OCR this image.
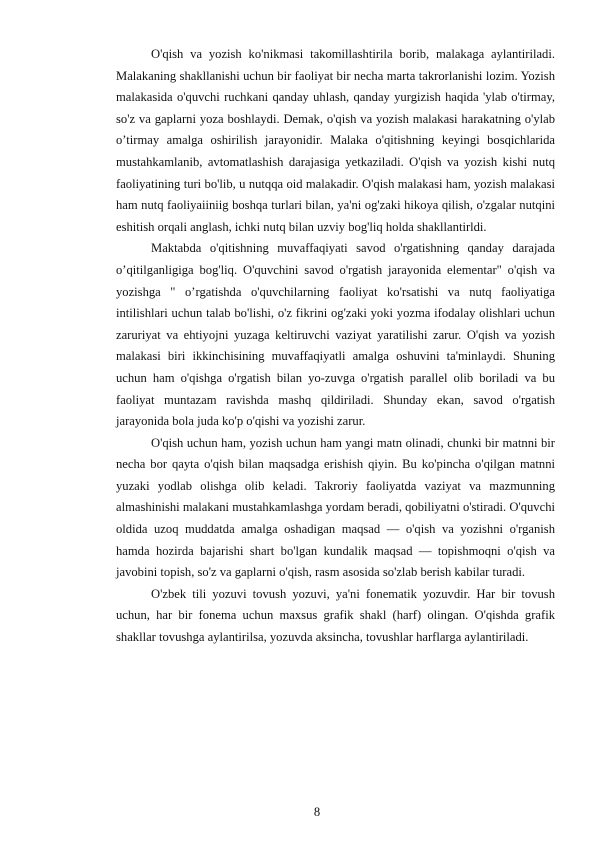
O'qish va yozish ko'nikmasi takomillashtirila borib, malakaga aylantiriladi. Malakaning shakllanishi uchun bir faoliyat bir necha marta takrorlanishi lozim. Yozish malakasida o'quvchi ruchkani qanday uhlash, qanday yurgizish haqida 'ylab o'tirmay, so'z va gaplarni yoza boshlaydi. Demak, o'qish va yozish malakasi harakatning o'ylab o’tirmay amalga oshirilish jarayonidir. Malaka o'qitishning keyingi bosqichlarida mustahkamlanib, avtomatlashish darajasiga yetkaziladi. O'qish va yozish kishi nutq faoliyatining turi bo'lib, u nutqqa oid malakadir. O'qish malakasi ham, yozish malakasi ham nutq faoliyaiiniig boshqa turlari bilan, ya'ni og'zaki hikoya qilish, o'zgalar nutqini eshitish orqali anglash, ichki nutq bilan uzviy bog'liq holda shakllantirldi.

Maktabda o'qitishning muvaffaqiyati savod o'rgatishning qanday darajada o’qitilganligiga bog'liq. O'quvchini savod o'rgatish jarayonida elementar" o'qish va yozishga " o’rgatishda o'quvchilarning faoliyat ko'rsatishi va nutq faoliyatiga intilishlari uchun talab bo'lishi, o'z fikrini og'zaki yoki yozma ifodalay olishlari uchun zaruriyat va ehtiyojni yuzaga keltiruvchi vaziyat yaratilishi zarur. O'qish va yozish malakasi biri ikkinchisining muvaffaqiyatli amalga oshuvini ta'minlaydi. Shuning uchun ham o'qishga o'rgatish bilan yo-zuvga o'rgatish parallel olib boriladi va bu faoliyat muntazam ravishda mashq qildiriladi. Shunday ekan, savod o'rgatish jarayonida bola juda ko'p o'qishi va yozishi zarur.

O'qish uchun ham, yozish uchun ham yangi matn olinadi, chunki bir matnni bir necha bor qayta o'qish bilan maqsadga erishish qiyin. Bu ko'pincha o'qilgan matnni yuzaki yodlab olishga olib keladi. Takroriy faoliyatda vaziyat va mazmunning almashinishi malakani mustahkamlashga yordam beradi, qobiliyatni o'stiradi. O'quvchi oldida uzoq muddatda amalga oshadigan maqsad — o'qish va yozishni o'rganish hamda hozirda bajarishi shart bo'lgan kundalik maqsad — topishmoqni o'qish va javobini topish, so'z va gaplarni o'qish, rasm asosida so'zlab berish kabilar turadi.

O'zbek tili yozuvi tovush yozuvi, ya'ni fonematik yozuvdir. Har bir tovush uchun, har bir fonema uchun maxsus grafik shakl (harf) olingan. O'qishda grafik shakllar tovushga aylantirilsa, yozuvda aksincha, tovushlar harflarga aylantiriladi.

8
